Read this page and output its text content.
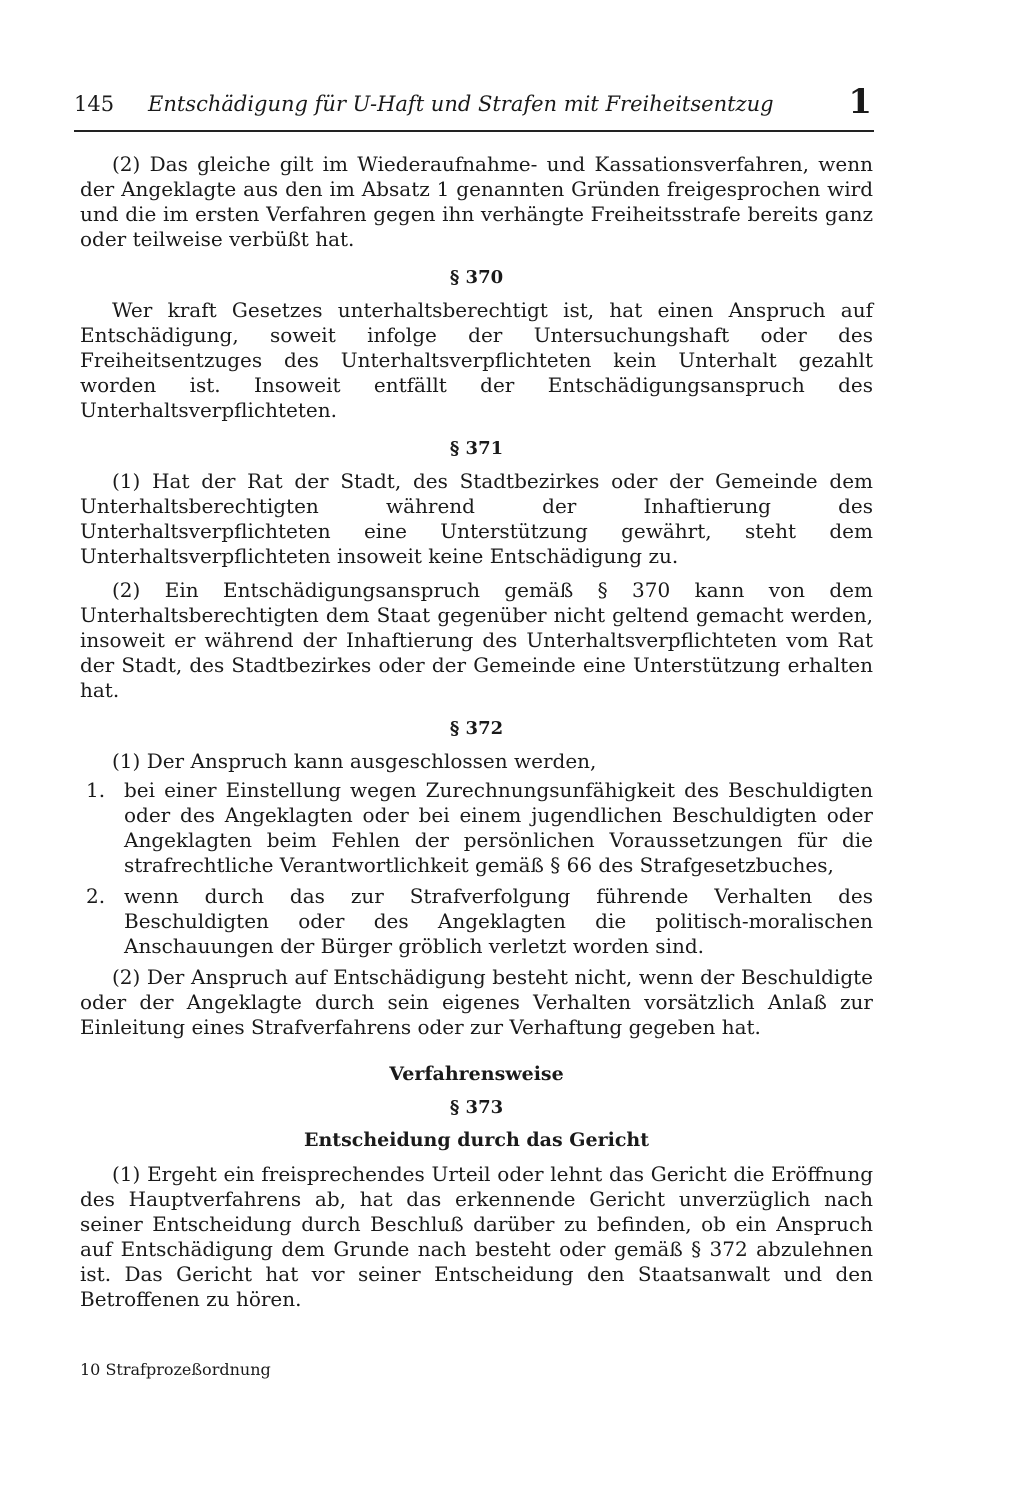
145 Entschädigung für U-Haft und Strafen mit Freiheitsentzug 1

(2) Das gleiche gilt im Wiederaufnahme- und Kassationsverfahren, wenn der Angeklagte aus den im Absatz 1 genannten Gründen freigesprochen wird und die im ersten Verfahren gegen ihn verhängte Freiheitsstrafe bereits ganz oder teilweise verbüßt hat.

§ 370

Wer kraft Gesetzes unterhaltsberechtigt ist, hat einen Anspruch auf Entschädigung, soweit infolge der Untersuchungshaft oder des Freiheitsentzuges des Unterhaltsverpflichteten kein Unterhalt gezahlt worden ist. Insoweit entfällt der Entschädigungsanspruch des Unterhaltsverpflichteten.

§ 371

(1) Hat der Rat der Stadt, des Stadtbezirkes oder der Gemeinde dem Unterhaltsberechtigten während der Inhaftierung des Unterhaltsverpflichteten eine Unterstützung gewährt, steht dem Unterhaltsverpflichteten insoweit keine Entschädigung zu.

(2) Ein Entschädigungsanspruch gemäß § 370 kann von dem Unterhaltsberechtigten dem Staat gegenüber nicht geltend gemacht werden, insoweit er während der Inhaftierung des Unterhaltsverpflichteten vom Rat der Stadt, des Stadtbezirkes oder der Gemeinde eine Unterstützung erhalten hat.

§ 372

(1) Der Anspruch kann ausgeschlossen werden,

1. bei einer Einstellung wegen Zurechnungsunfähigkeit des Beschuldigten oder des Angeklagten oder bei einem jugendlichen Beschuldigten oder Angeklagten beim Fehlen der persönlichen Voraussetzungen für die strafrechtliche Verantwortlichkeit gemäß § 66 des Strafgesetzbuches,
2. wenn durch das zur Strafverfolgung führende Verhalten des Beschuldigten oder des Angeklagten die politisch-moralischen Anschauungen der Bürger gröblich verletzt worden sind.

(2) Der Anspruch auf Entschädigung besteht nicht, wenn der Beschuldigte oder der Angeklagte durch sein eigenes Verhalten vorsätzlich Anlaß zur Einleitung eines Strafverfahrens oder zur Verhaftung gegeben hat.

Verfahrensweise
§ 373
Entscheidung durch das Gericht

(1) Ergeht ein freisprechendes Urteil oder lehnt das Gericht die Eröffnung des Hauptverfahrens ab, hat das erkennende Gericht unverzüglich nach seiner Entscheidung durch Beschluß darüber zu befinden, ob ein Anspruch auf Entschädigung dem Grunde nach besteht oder gemäß § 372 abzulehnen ist. Das Gericht hat vor seiner Entscheidung den Staatsanwalt und den Betroffenen zu hören.

10 Strafprozeßordnung
